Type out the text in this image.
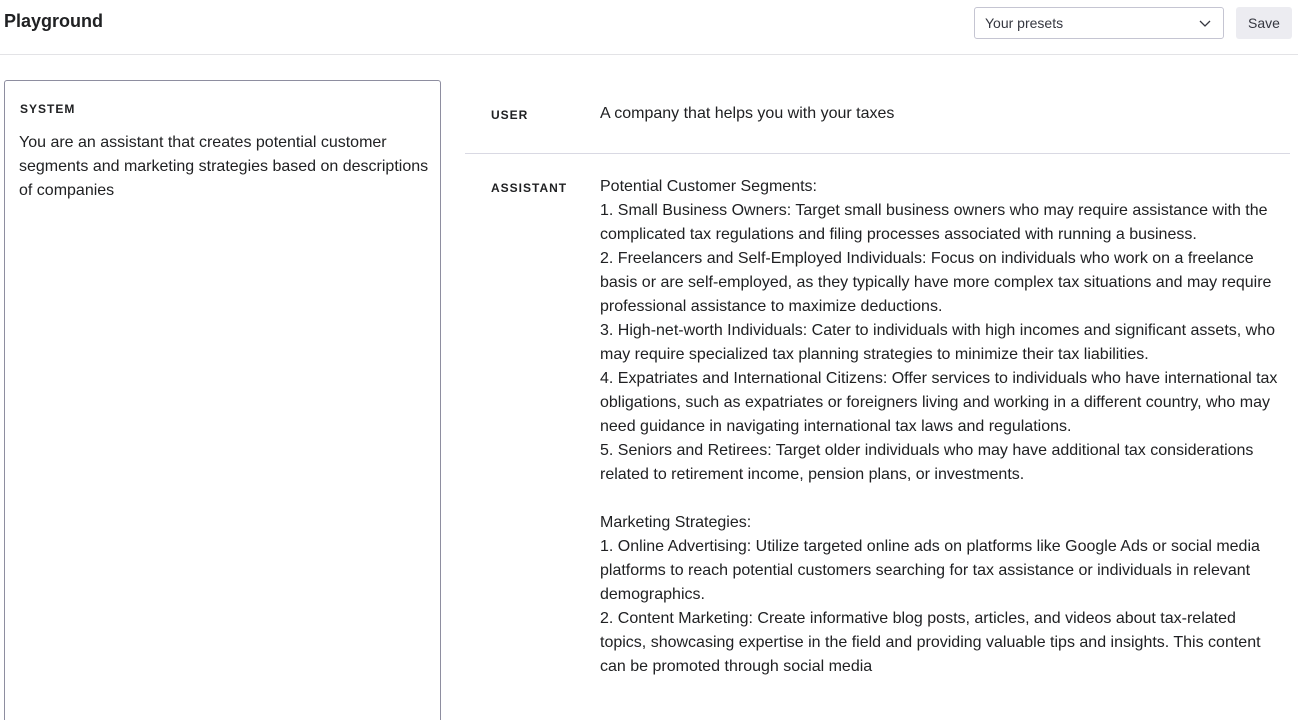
Playground	Your presets	Save
SYSTEM
You are an assistant that creates potential customer segments and marketing strategies based on descriptions of companies
USER	A company that helps you with your taxes

ASSISTANT Potential Customer Segments:

1. Small Business Owners: Target small business owners who may require assistance with the complicated tax regulations and filing processes associated with running a business.

2. Freelancers and Self-Employed Individuals: Focus on individuals who work on a freelance basis or are self-employed, as they typically have more complex tax situations and may require professional assistance to maximize deductions.

3. High-net-worth Individuals: Cater to individuals with high incomes and significant assets, who may require specialized tax planning strategies to minimize their tax liabilities.

4. Expatriates and International Citizens: Offer services to individuals who have international tax obligations, such as expatriates or foreigners living and working in a different country, who may need guidance in navigating international tax laws and regulations.

5. Seniors and Retirees: Target older individuals who may have additional tax considerations related to retirement income, pension plans, or investments.

Marketing Strategies:

1. Online Advertising: Utilize targeted online ads on platforms like Google Ads or social media platforms to reach potential customers searching for tax assistance or individuals in relevant demographics.

2. Content Marketing: Create informative blog posts, articles, and videos about tax-related topics, showcasing expertise in the field and providing valuable tips and insights. This content can be promoted through social media
